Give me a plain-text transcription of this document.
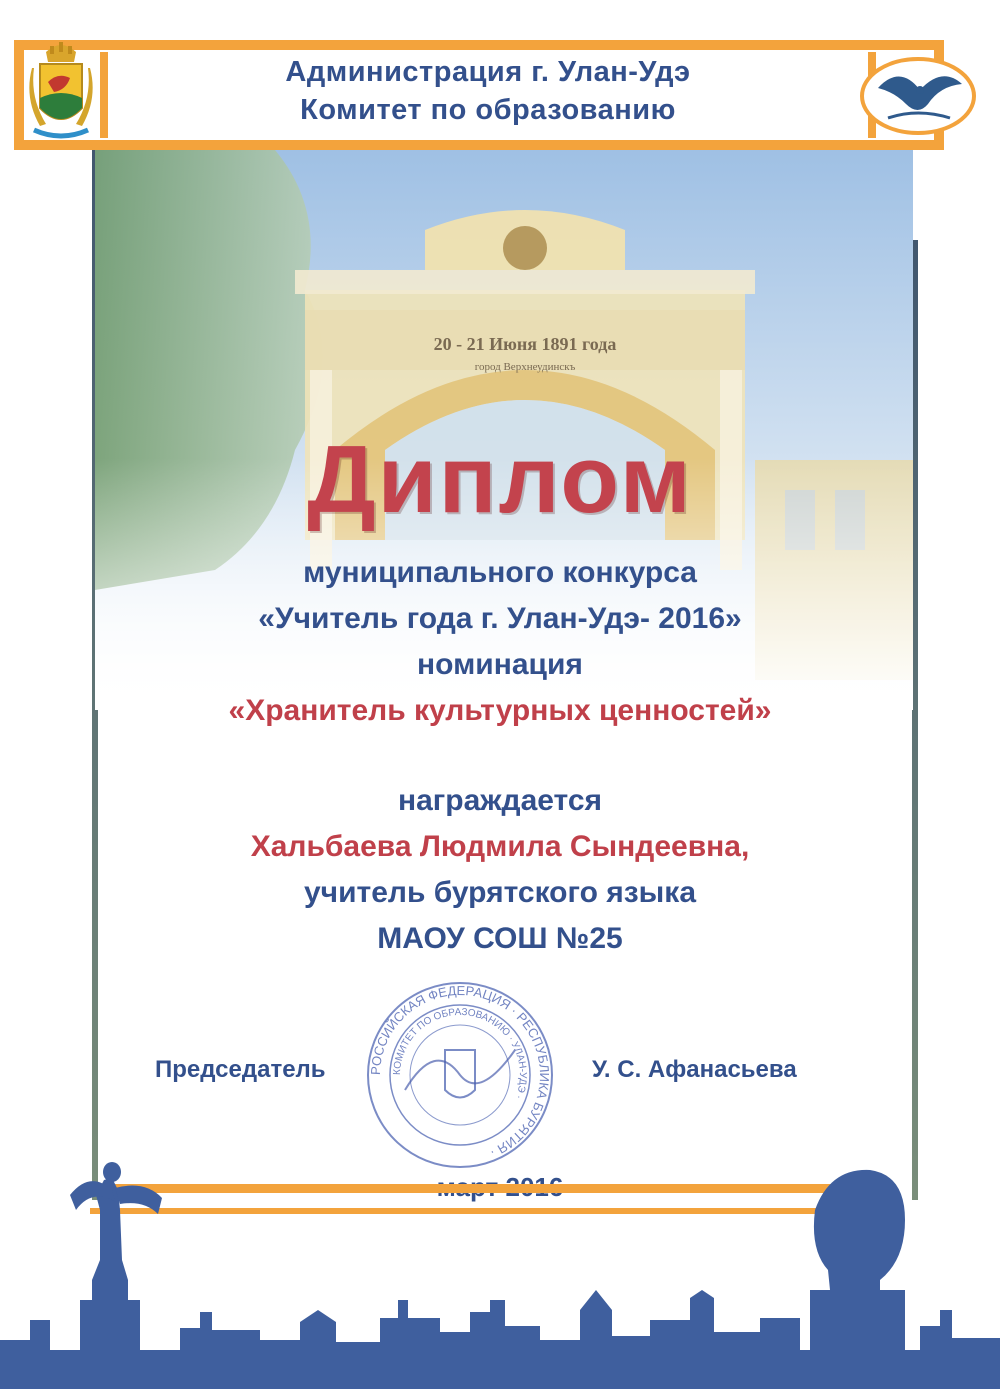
Администрация г. Улан-Удэ
Комитет по образованию
Диплом
муниципального конкурса
«Учитель года г. Улан-Удэ- 2016»
номинация
«Хранитель культурных ценностей»
награждается
Хальбаева Людмила Сындеевна,
учитель бурятского языка
МАОУ СОШ №25
Председатель	У. С. Афанасьева
РОССИЙСКАЯ ФЕДЕРАЦИЯ · РЕСПУБЛИКА БУРЯТИЯ ·
КОМИТЕТ ПО ОБРАЗОВАНИЮ · УЛАН-УДЭ ·
